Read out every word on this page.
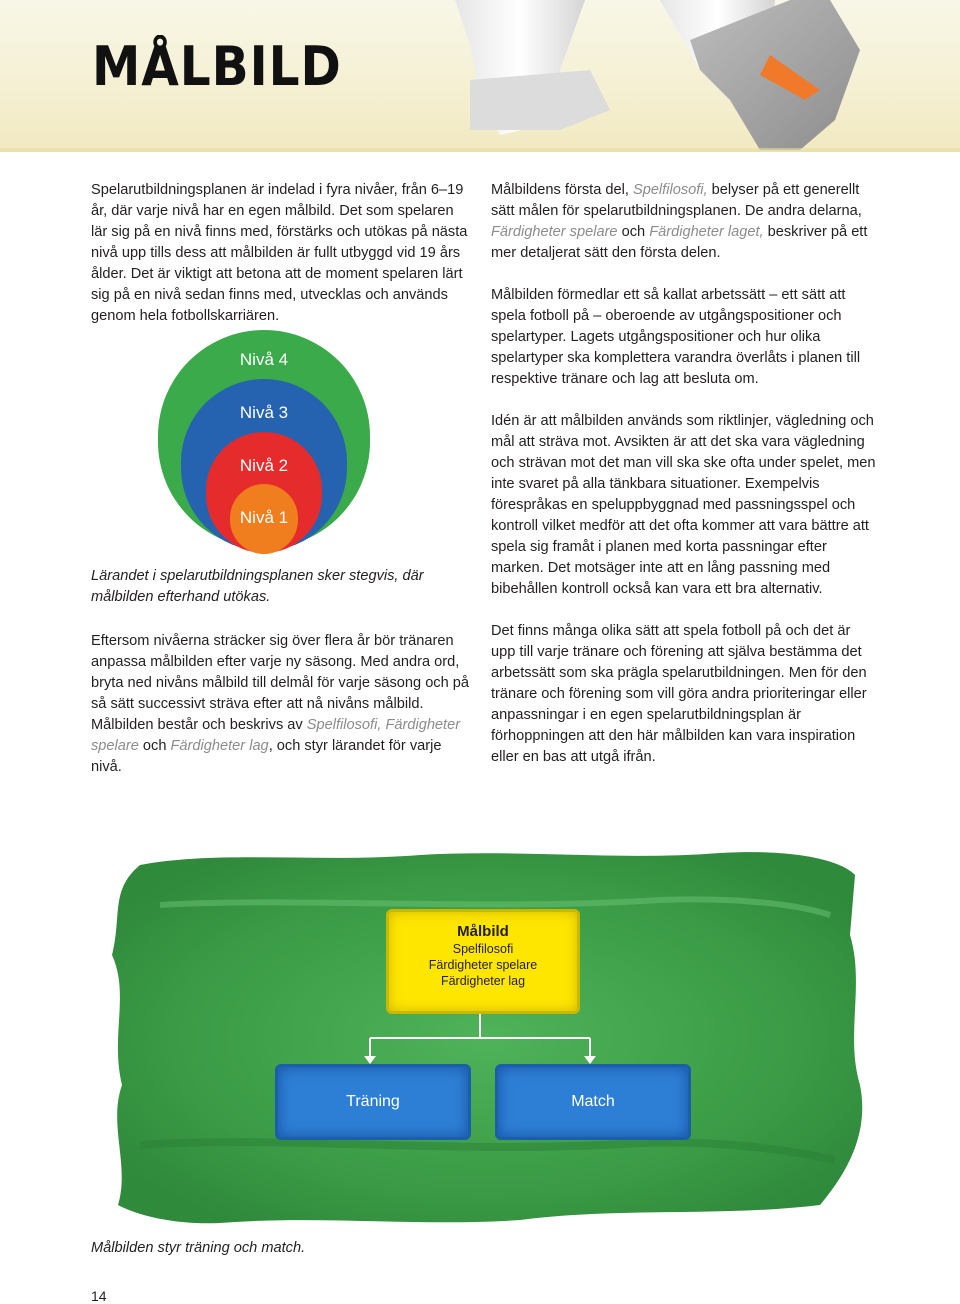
MÅLBILD

Spelarutbildningsplanen är indelad i fyra nivåer, från 6–19 år, där varje nivå har en egen målbild. Det som spelaren lär sig på en nivå finns med, förstärks och utökas på nästa nivå upp tills dess att målbilden är fullt utbyggd vid 19 års ålder. Det är viktigt att betona att de moment spelaren lärt sig på en nivå sedan finns med, utvecklas och används genom hela fotbollskarriären.

Nivå 4
Nivå 3
Nivå 2
Nivå 1
Lärandet i spelarutbildningsplanen sker stegvis, där målbilden efterhand utökas.

Eftersom nivåerna sträcker sig över flera år bör tränaren anpassa målbilden efter varje ny säsong. Med andra ord, bryta ned nivåns målbild till delmål för varje säsong och på så sätt successivt sträva efter att nå nivåns målbild. Målbilden består och beskrivs av Spelfilosofi, Färdigheter spelare och Färdigheter lag, och styr lärandet för varje nivå.

Målbildens första del, Spelfilosofi, belyser på ett generellt sätt målen för spelarutbildningsplanen. De andra delarna, Färdigheter spelare och Färdigheter laget, beskriver på ett mer detaljerat sätt den första delen.

Målbilden förmedlar ett så kallat arbetssätt – ett sätt att spela fotboll på – oberoende av utgångspositioner och spelartyper. Lagets utgångspositioner och hur olika spelartyper ska komplettera varandra överlåts i planen till respektive tränare och lag att besluta om.

Idén är att målbilden används som riktlinjer, vägledning och mål att sträva mot. Avsikten är att det ska vara vägledning och strävan mot det man vill ska ske ofta under spelet, men inte svaret på alla tänkbara situationer. Exempelvis förespråkas en speluppbyggnad med passningsspel och kontroll vilket medför att det ofta kommer att vara bättre att spela sig framåt i planen med korta passningar efter marken. Det motsäger inte att en lång passning med bibehållen kontroll också kan vara ett bra alternativ.

Det finns många olika sätt att spela fotboll på och det är upp till varje tränare och förening att själva bestämma det arbetssätt som ska prägla spelarutbildningen. Men för den tränare och förening som vill göra andra prioriteringar eller anpassningar i en egen spelarutbildningsplan är förhoppningen att den här målbilden kan vara inspiration eller en bas att utgå ifrån.

Målbild
Spelfilosofi
Färdigheter spelare
Färdigheter lag
Träning	Match
Målbilden styr träning och match.
14
